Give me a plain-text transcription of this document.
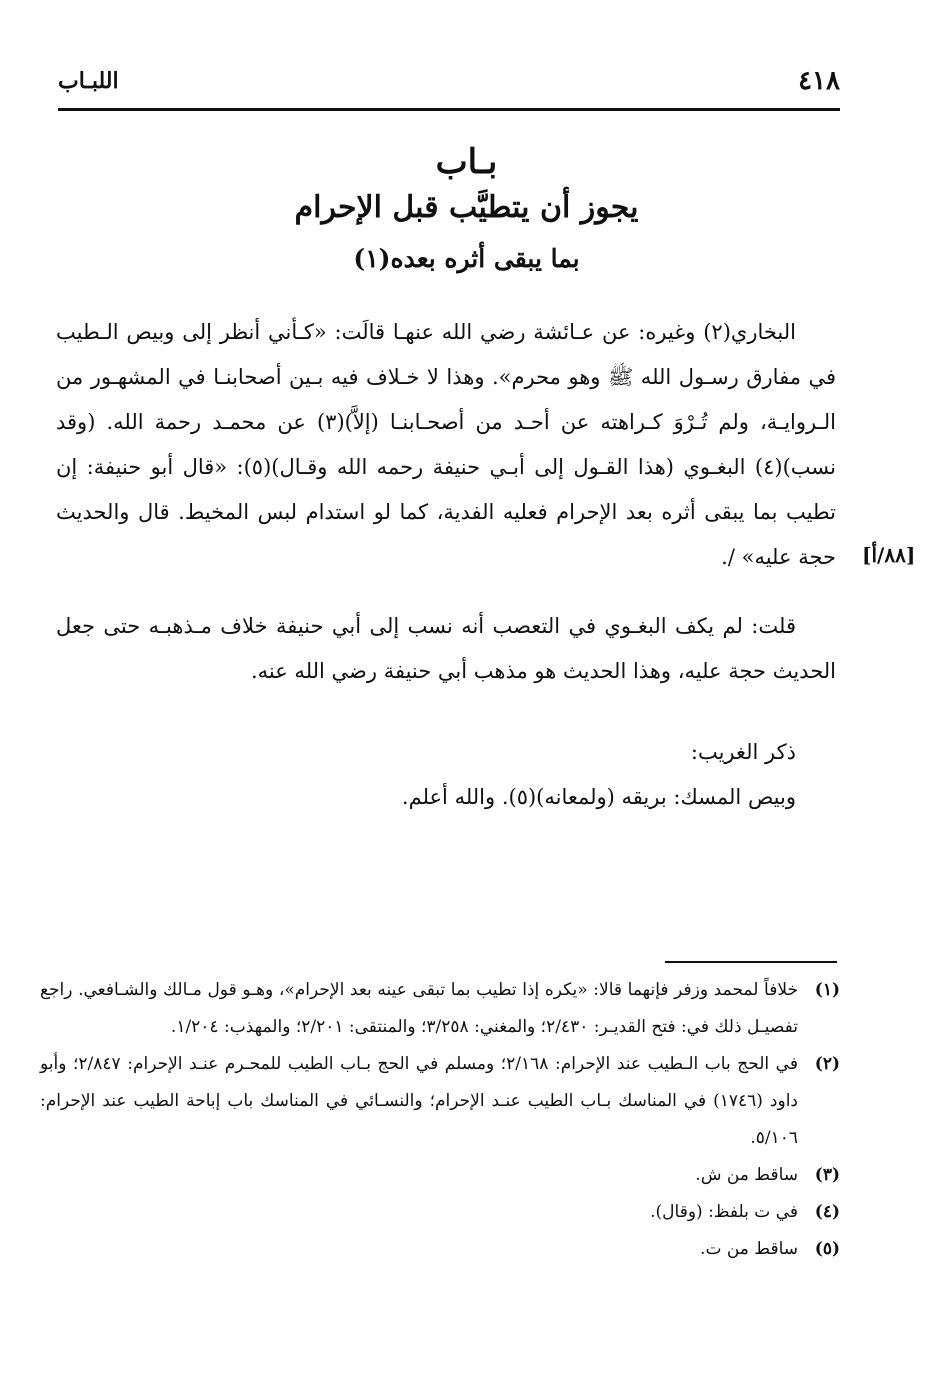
٤١٨
اللبـاب
بـاب
يجوز أن يتطيَّب قبل الإحرام
بما يبقى أثره بعده(١)

البخاري(٢) وغيره: عن عـائشة رضي الله عنهـا قالَت: «كـأني أنظر إلى وبيص الـطيب في مفارق رسـول الله ﷺ وهو محرم». وهذا لا خـلاف فيه بـين أصحابنـا في المشهـور من الـروايـة، ولم تُـرْوَ كـراهته عن أحـد من أصحـابنـا (إلاَّ)(٣) عن محمـد رحمة الله. (وقد نسب)(٤) البغـوي (هذا القـول إلى أبـي حنيفة رحمه الله وقـال)(٥): «قال أبو حنيفة: إن تطيب بما يبقى أثره بعد الإحرام فعليه الفدية، كما لو استدام لبس المخيط. قال والحديث حجة عليه» /. [٨٨/أ]

قلت: لم يكف البغـوي في التعصب أنه نسب إلى أبي حنيفة خلاف مـذهبـه حتى جعل الحديث حجة عليه، وهذا الحديث هو مذهب أبي حنيفة رضي الله عنه.

ذكر الغريب:

وبيص المسك: بريقه (ولمعانه)(٥). والله أعلم.

(١)
خلافاً لمحمد وزفر فإنهما قالا: «يكره إذا تطيب بما تبقى عينه بعد الإحرام»، وهـو قول مـالك والشـافعي. راجع تفصيـل ذلك في: فتح القديـر: ٢/٤٣٠؛ والمغني: ٣/٢٥٨؛ والمنتقى: ٢/٢٠١؛ والمهذب: ١/٢٠٤.
(٢)
في الحج باب الـطيب عند الإحرام: ٢/١٦٨؛ ومسلم في الحج بـاب الطيب للمحـرم عنـد الإحرام: ٢/٨٤٧؛ وأبو داود (١٧٤٦) في المناسك بـاب الطيب عنـد الإحرام؛ والنسـائي في المناسك باب إباحة الطيب عند الإحرام: ٥/١٠٦.
(٣)
ساقط من ش.
(٤)
في ت بلفظ: (وقال).
(٥)
ساقط من ت.
